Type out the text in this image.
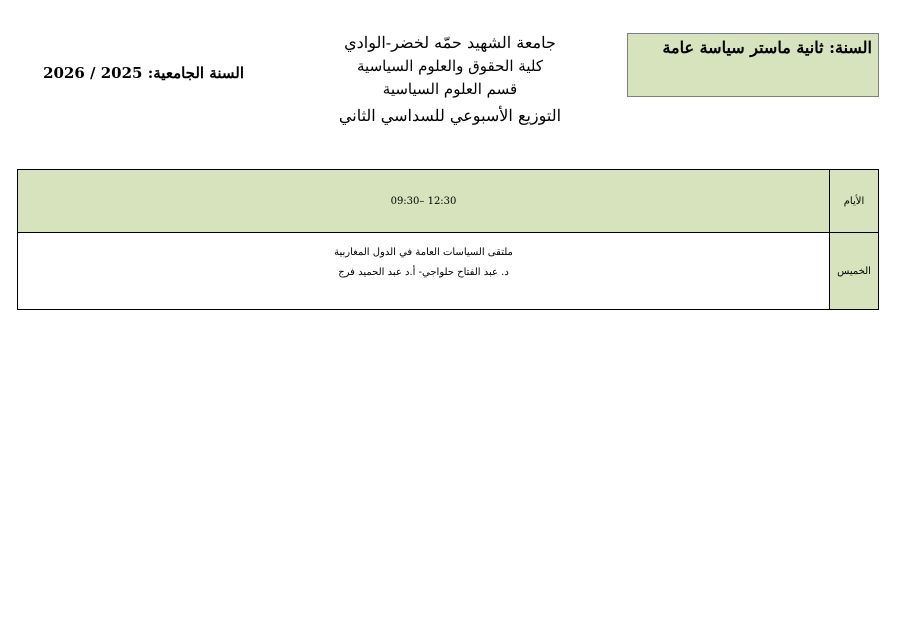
السنة: ثانية ماستر سياسة عامة
جامعة الشهيد حمّه لخضر-الوادي
كلية الحقوق والعلوم السياسية
قسم العلوم السياسية
التوزيع الأسبوعي للسداسي الثاني
السنة الجامعية: 2025 / 2026
الأيام	09:30– 12:30
الخميس	ملتقى السياسات العامة في الدول المغاربية
د. عبد الفتاح حلواجي- أ.د عبد الحميد فرج
